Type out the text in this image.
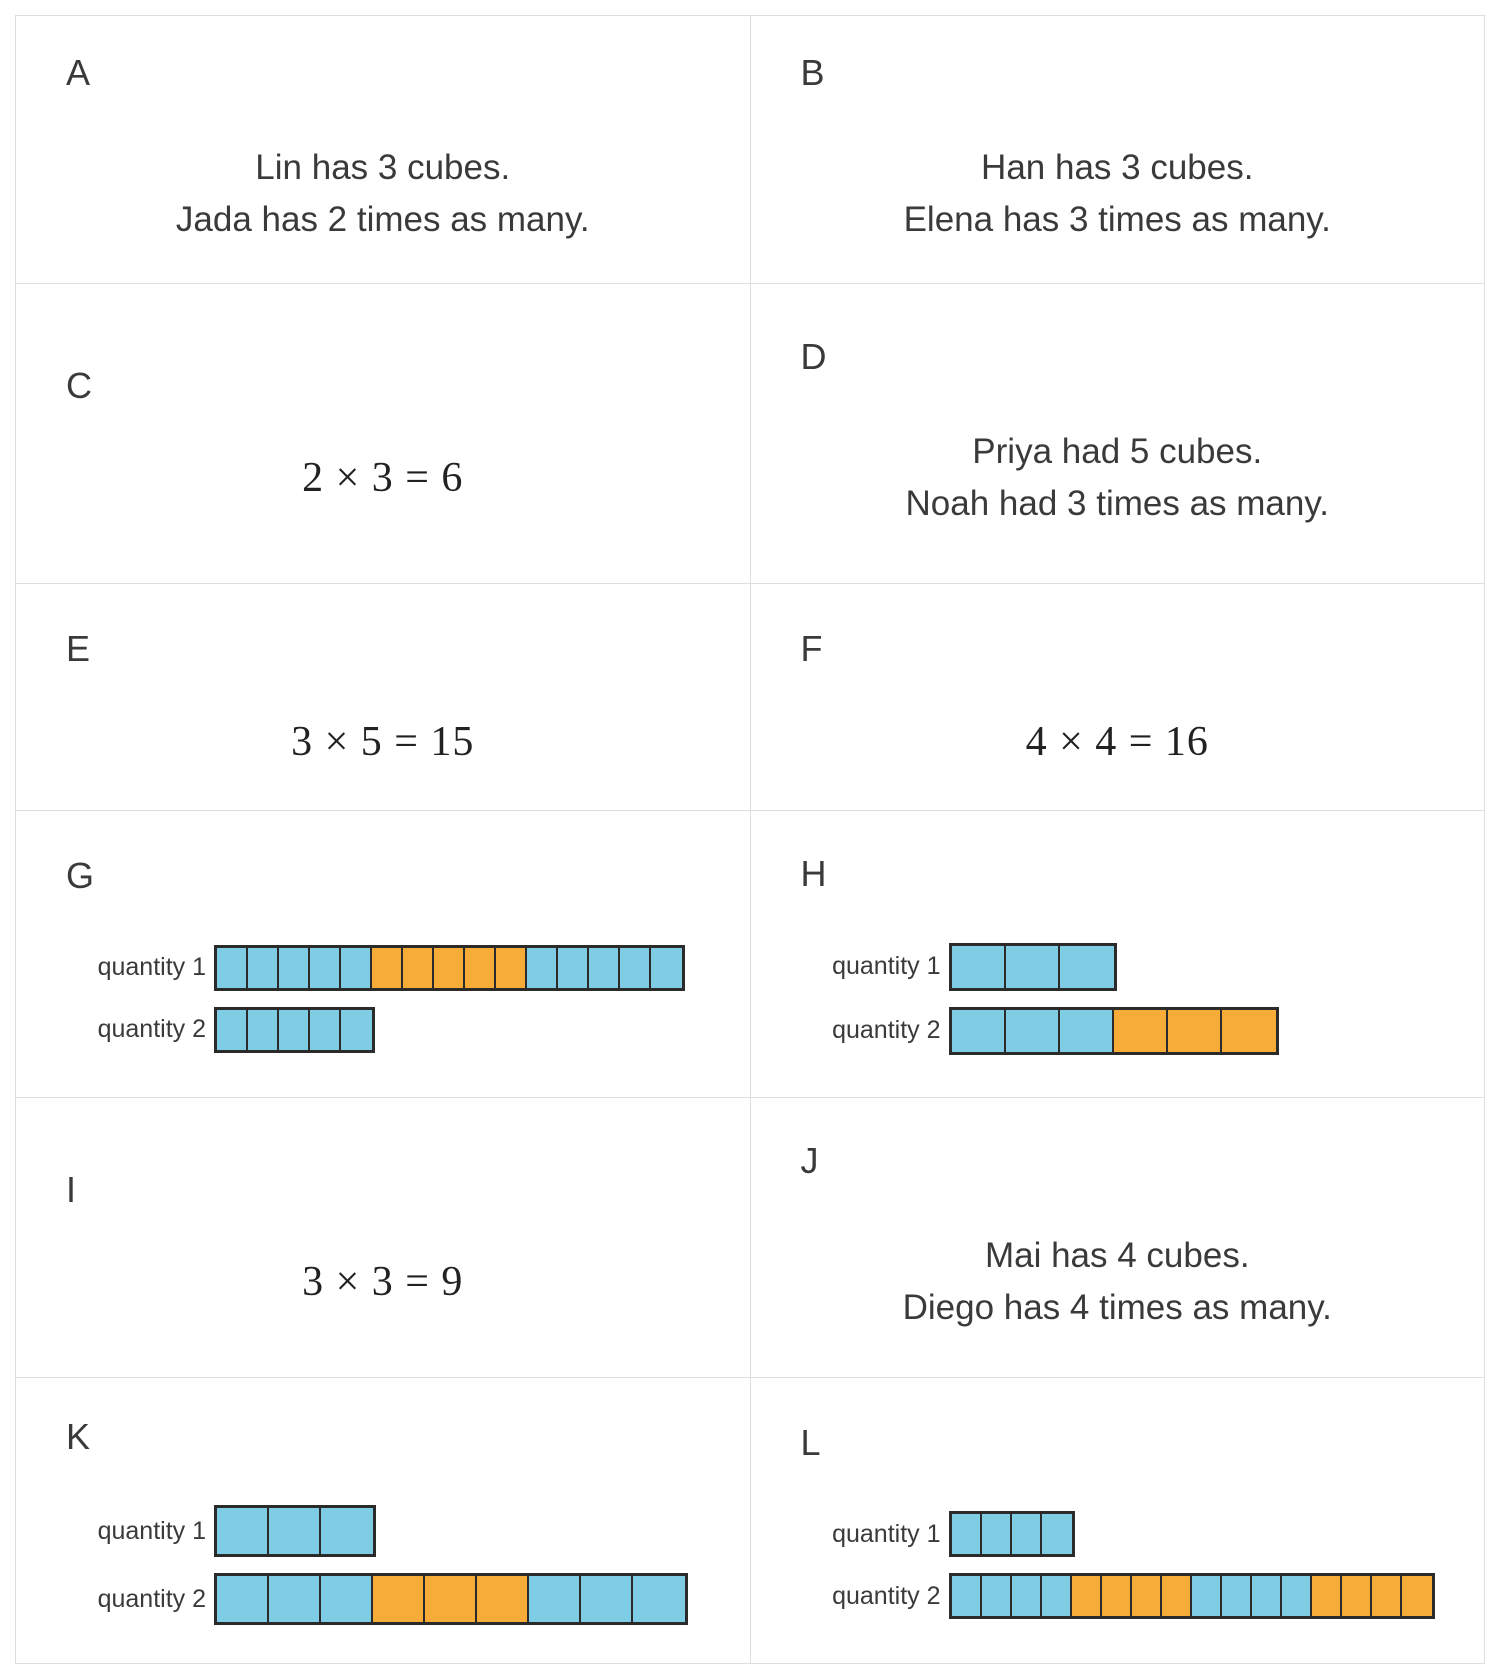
A

Lin has 3 cubes.

Jada has 2 times as many.

B

Han has 3 cubes.

Elena has 3 times as many.

C
2 × 3 = 6
D

Priya had 5 cubes.

Noah had 3 times as many.

E
3 × 5 = 15
F
4 × 4 = 16
G
quantity 1
quantity 2
H
quantity 1
quantity 2
I
3 × 3 = 9
J

Mai has 4 cubes.

Diego has 4 times as many.

K
quantity 1
quantity 2
L
quantity 1
quantity 2
